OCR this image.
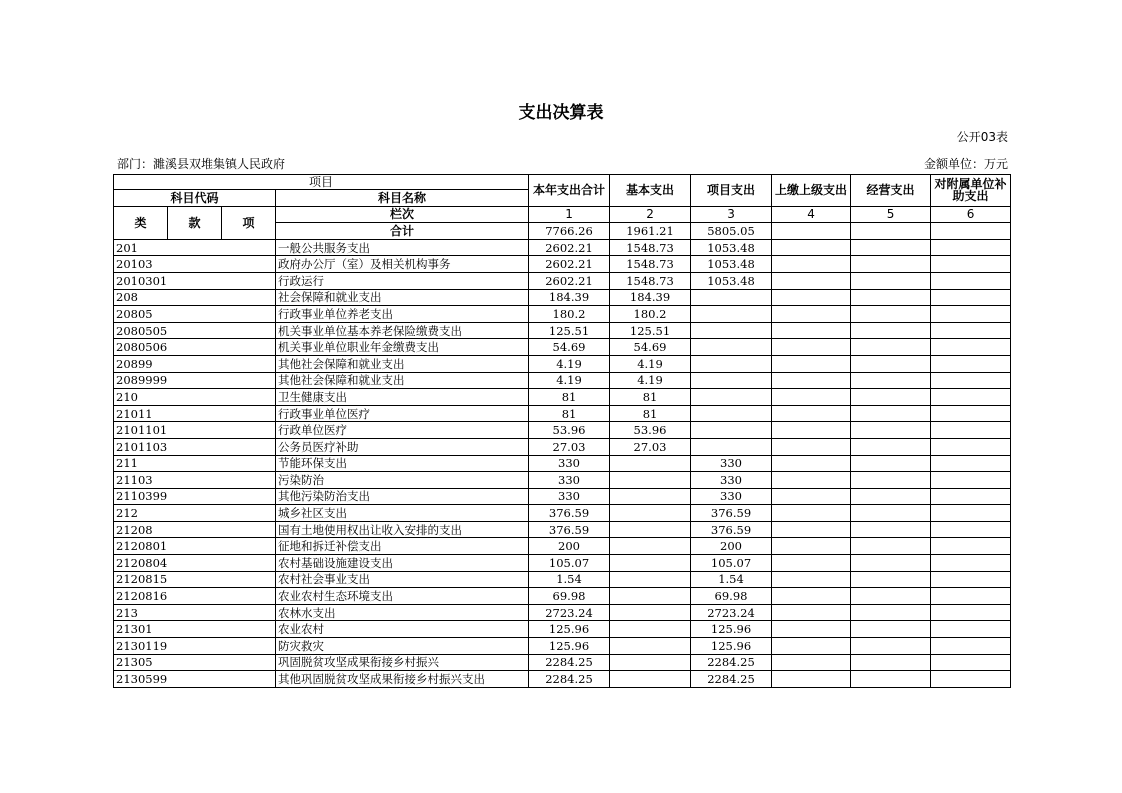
支出决算表
公开03表
部门：濉溪县双堆集镇人民政府	金额单位：万元
项目				本年支出合计	基本支出	项目支出	上缴上级支出	经营支出	对附属单位补助支出
科目代码			科目名称						
类	款	项	栏次	1	2	3	4	5	6
			合计	7766.26	1961.21	5805.05			
201			一般公共服务支出	2602.21	1548.73	1053.48			
20103			政府办公厅（室）及相关机构事务	2602.21	1548.73	1053.48			
2010301			行政运行	2602.21	1548.73	1053.48			
208			社会保障和就业支出	184.39	184.39				
20805			行政事业单位养老支出	180.2	180.2				
2080505			机关事业单位基本养老保险缴费支出	125.51	125.51				
2080506			机关事业单位职业年金缴费支出	54.69	54.69				
20899			其他社会保障和就业支出	4.19	4.19				
2089999			其他社会保障和就业支出	4.19	4.19				
210			卫生健康支出	81	81				
21011			行政事业单位医疗	81	81				
2101101			行政单位医疗	53.96	53.96				
2101103			公务员医疗补助	27.03	27.03				
211			节能环保支出	330		330			
21103			污染防治	330		330			
2110399			其他污染防治支出	330		330			
212			城乡社区支出	376.59		376.59			
21208			国有土地使用权出让收入安排的支出	376.59		376.59			
2120801			征地和拆迁补偿支出	200		200			
2120804			农村基础设施建设支出	105.07		105.07			
2120815			农村社会事业支出	1.54		1.54			
2120816			农业农村生态环境支出	69.98		69.98			
213			农林水支出	2723.24		2723.24			
21301			农业农村	125.96		125.96			
2130119			防灾救灾	125.96		125.96			
21305			巩固脱贫攻坚成果衔接乡村振兴	2284.25		2284.25			
2130599			其他巩固脱贫攻坚成果衔接乡村振兴支出	2284.25		2284.25			
